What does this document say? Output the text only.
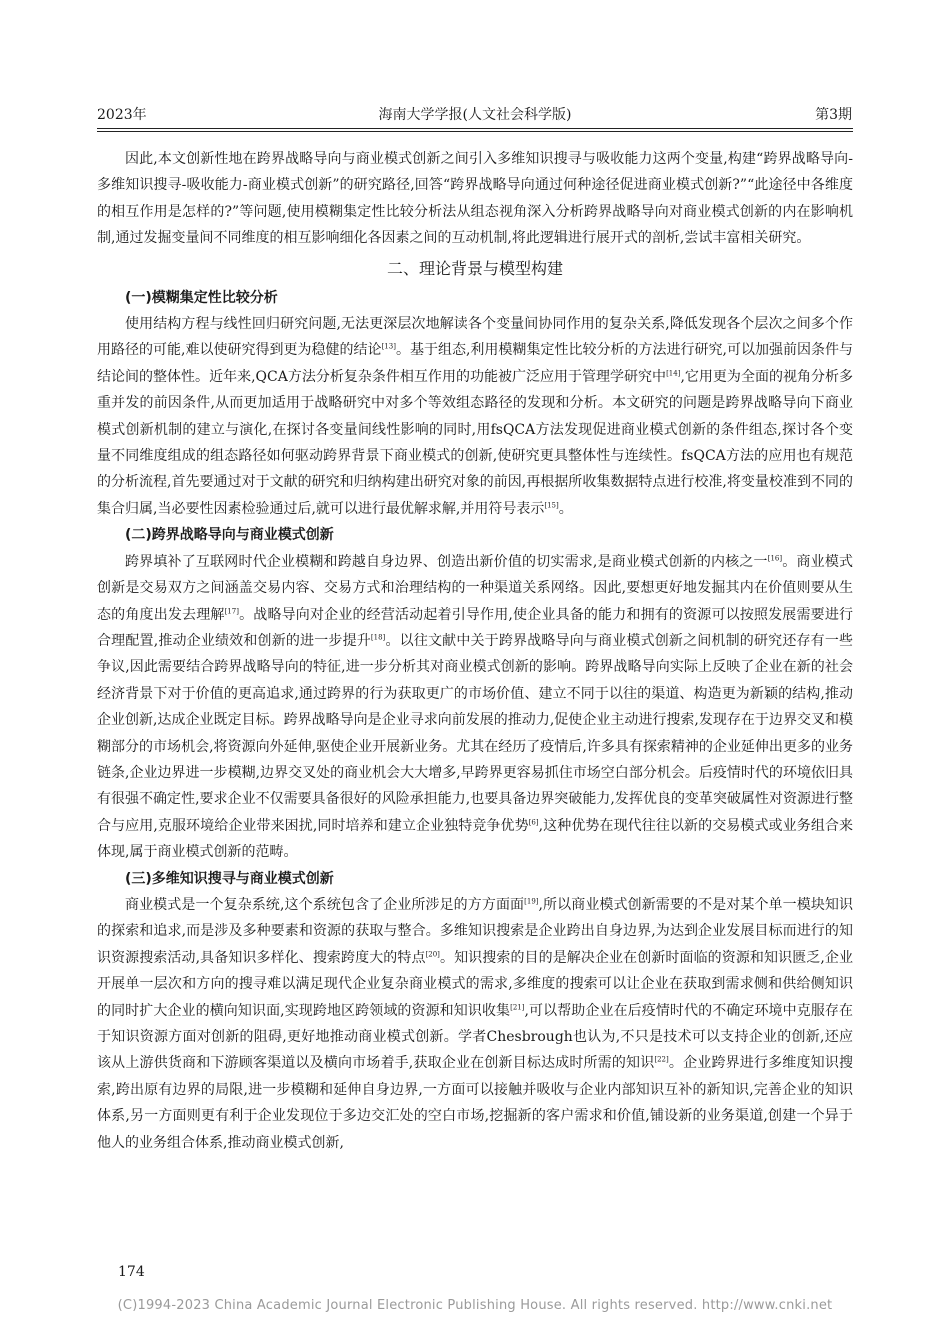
2023年	海南大学学报(人文社会科学版)	第3期

因此,本文创新性地在跨界战略导向与商业模式创新之间引入多维知识搜寻与吸收能力这两个变量,构建“跨界战略导向-多维知识搜寻-吸收能力-商业模式创新”的研究路径,回答“跨界战略导向通过何种途径促进商业模式创新?”“此途径中各维度的相互作用是怎样的?”等问题,使用模糊集定性比较分析法从组态视角深入分析跨界战略导向对商业模式创新的内在影响机制,通过发掘变量间不同维度的相互影响细化各因素之间的互动机制,将此逻辑进行展开式的剖析,尝试丰富相关研究。

二、理论背景与模型构建
(一)模糊集定性比较分析

使用结构方程与线性回归研究问题,无法更深层次地解读各个变量间协同作用的复杂关系,降低发现各个层次之间多个作用路径的可能,难以使研究得到更为稳健的结论[13]。基于组态,利用模糊集定性比较分析的方法进行研究,可以加强前因条件与结论间的整体性。近年来,QCA方法分析复杂条件相互作用的功能被广泛应用于管理学研究中[14],它用更为全面的视角分析多重并发的前因条件,从而更加适用于战略研究中对多个等效组态路径的发现和分析。本文研究的问题是跨界战略导向下商业模式创新机制的建立与演化,在探讨各变量间线性影响的同时,用fsQCA方法发现促进商业模式创新的条件组态,探讨各个变量不同维度组成的组态路径如何驱动跨界背景下商业模式的创新,使研究更具整体性与连续性。fsQCA方法的应用也有规范的分析流程,首先要通过对于文献的研究和归纳构建出研究对象的前因,再根据所收集数据特点进行校准,将变量校准到不同的集合归属,当必要性因素检验通过后,就可以进行最优解求解,并用符号表示[15]。

(二)跨界战略导向与商业模式创新

跨界填补了互联网时代企业模糊和跨越自身边界、创造出新价值的切实需求,是商业模式创新的内核之一[16]。商业模式创新是交易双方之间涵盖交易内容、交易方式和治理结构的一种渠道关系网络。因此,要想更好地发掘其内在价值则要从生态的角度出发去理解[17]。战略导向对企业的经营活动起着引导作用,使企业具备的能力和拥有的资源可以按照发展需要进行合理配置,推动企业绩效和创新的进一步提升[18]。以往文献中关于跨界战略导向与商业模式创新之间机制的研究还存有一些争议,因此需要结合跨界战略导向的特征,进一步分析其对商业模式创新的影响。跨界战略导向实际上反映了企业在新的社会经济背景下对于价值的更高追求,通过跨界的行为获取更广的市场价值、建立不同于以往的渠道、构造更为新颖的结构,推动企业创新,达成企业既定目标。跨界战略导向是企业寻求向前发展的推动力,促使企业主动进行搜索,发现存在于边界交叉和模糊部分的市场机会,将资源向外延伸,驱使企业开展新业务。尤其在经历了疫情后,许多具有探索精神的企业延伸出更多的业务链条,企业边界进一步模糊,边界交叉处的商业机会大大增多,早跨界更容易抓住市场空白部分机会。后疫情时代的环境依旧具有很强不确定性,要求企业不仅需要具备很好的风险承担能力,也要具备边界突破能力,发挥优良的变革突破属性对资源进行整合与应用,克服环境给企业带来困扰,同时培养和建立企业独特竞争优势[6],这种优势在现代往往以新的交易模式或业务组合来体现,属于商业模式创新的范畴。

(三)多维知识搜寻与商业模式创新

商业模式是一个复杂系统,这个系统包含了企业所涉足的方方面面[19],所以商业模式创新需要的不是对某个单一模块知识的探索和追求,而是涉及多种要素和资源的获取与整合。多维知识搜索是企业跨出自身边界,为达到企业发展目标而进行的知识资源搜索活动,具备知识多样化、搜索跨度大的特点[20]。知识搜索的目的是解决企业在创新时面临的资源和知识匮乏,企业开展单一层次和方向的搜寻难以满足现代企业复杂商业模式的需求,多维度的搜索可以让企业在获取到需求侧和供给侧知识的同时扩大企业的横向知识面,实现跨地区跨领域的资源和知识收集[21],可以帮助企业在后疫情时代的不确定环境中克服存在于知识资源方面对创新的阻碍,更好地推动商业模式创新。学者Chesbrough也认为,不只是技术可以支持企业的创新,还应该从上游供货商和下游顾客渠道以及横向市场着手,获取企业在创新目标达成时所需的知识[22]。企业跨界进行多维度知识搜索,跨出原有边界的局限,进一步模糊和延伸自身边界,一方面可以接触并吸收与企业内部知识互补的新知识,完善企业的知识体系,另一方面则更有利于企业发现位于多边交汇处的空白市场,挖掘新的客户需求和价值,铺设新的业务渠道,创建一个异于他人的业务组合体系,推动商业模式创新,

174
(C)1994-2023 China Academic Journal Electronic Publishing House. All rights reserved. http://www.cnki.net
